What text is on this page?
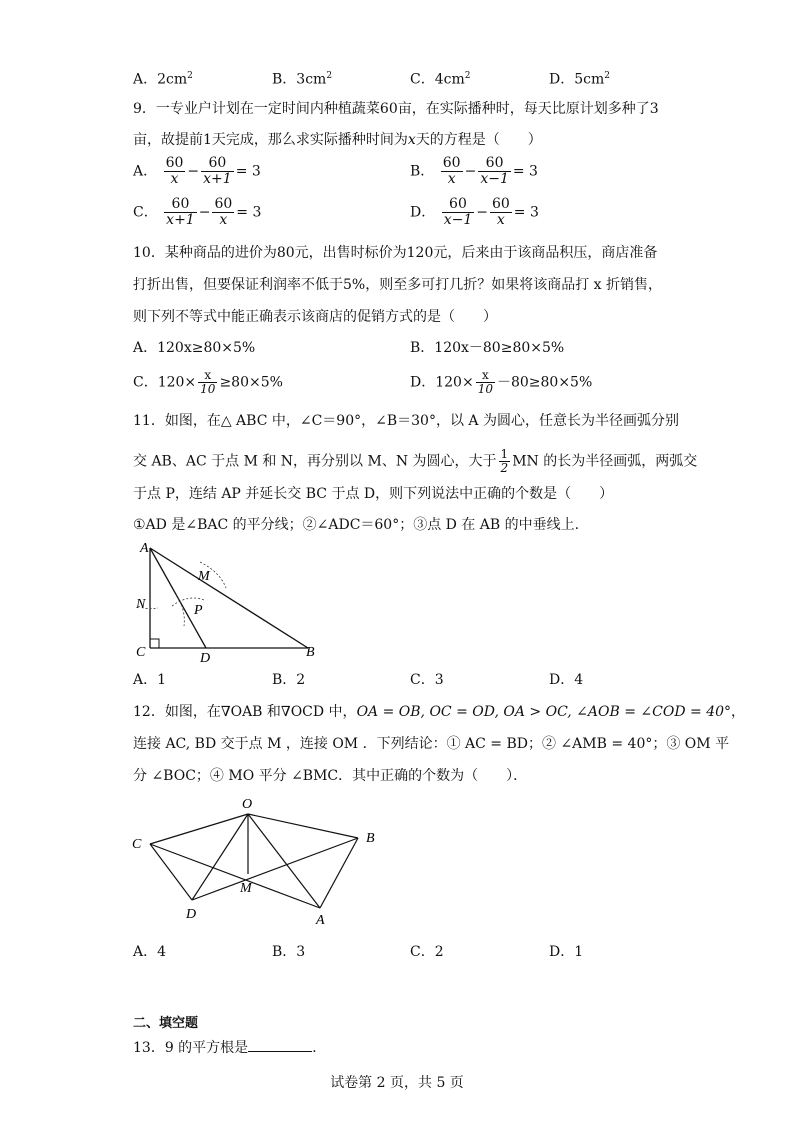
A．$2cm^2$	B．$3cm^2$	C．$4cm^2$	D．$5cm^2$
9．一专业户计划在一定时间内种植蔬菜60亩，在实际播种时，每天比原计划多种了3
亩，故提前1天完成，那么求实际播种时间为x天的方程是（　　）
A． $\frac{60}{x} - \frac{60}{x+1} = 3$	B． $\frac{60}{x} - \frac{60}{x-1} = 3$
C． $\frac{60}{x+1} - \frac{60}{x} = 3$	D． $\frac{60}{x-1} - \frac{60}{x} = 3$
10．某种商品的进价为80元，出售时标价为120元，后来由于该商品积压，商店准备
打折出售，但要保证利润率不低于5%，则至多可打几折？如果将该商品打 x 折销售，
则下列不等式中能正确表示该商店的促销方式的是（　　）
A．120x≥80×5%	B．120x－80≥80×5%
C．$120\times \frac{x}{10} \ge 80\times 5\%$	D．$120\times \frac{x}{10} -80\ge 80\times 5\%$
11．如图，在△ ABC 中，∠C＝90°，∠B＝30°，以 A 为圆心，任意长为半径画弧分别
交 AB、AC 于点 M 和 N，再分别以 M、N 为圆心，大于 $\frac{1}{2}$ MN 的长为半径画弧，两弧交
于点 P，连结 AP 并延长交 BC 于点 D，则下列说法中正确的个数是（　　）
①AD 是∠BAC 的平分线；②∠ADC＝60°；③点 D 在 AB 的中垂线上.
A
M
N	P
C	D	B
A．1	B．2	C．3	D．4
12．如图，在∇OAB 和∇OCD 中，OA = OB, OC = OD, OA > OC, ∠AOB = ∠COD = 40°，
连接 AC, BD 交于点 M ，连接 OM ．下列结论：① AC = BD；② ∠AMB = 40°；③ OM 平
分 ∠BOC；④ MO 平分 ∠BMC．其中正确的个数为（　　）．
O
C	B
M
D	A
A．4	B．3	C．2	D．1
二、填空题
13．9 的平方根是	.
试卷第 2 页，共 5 页
